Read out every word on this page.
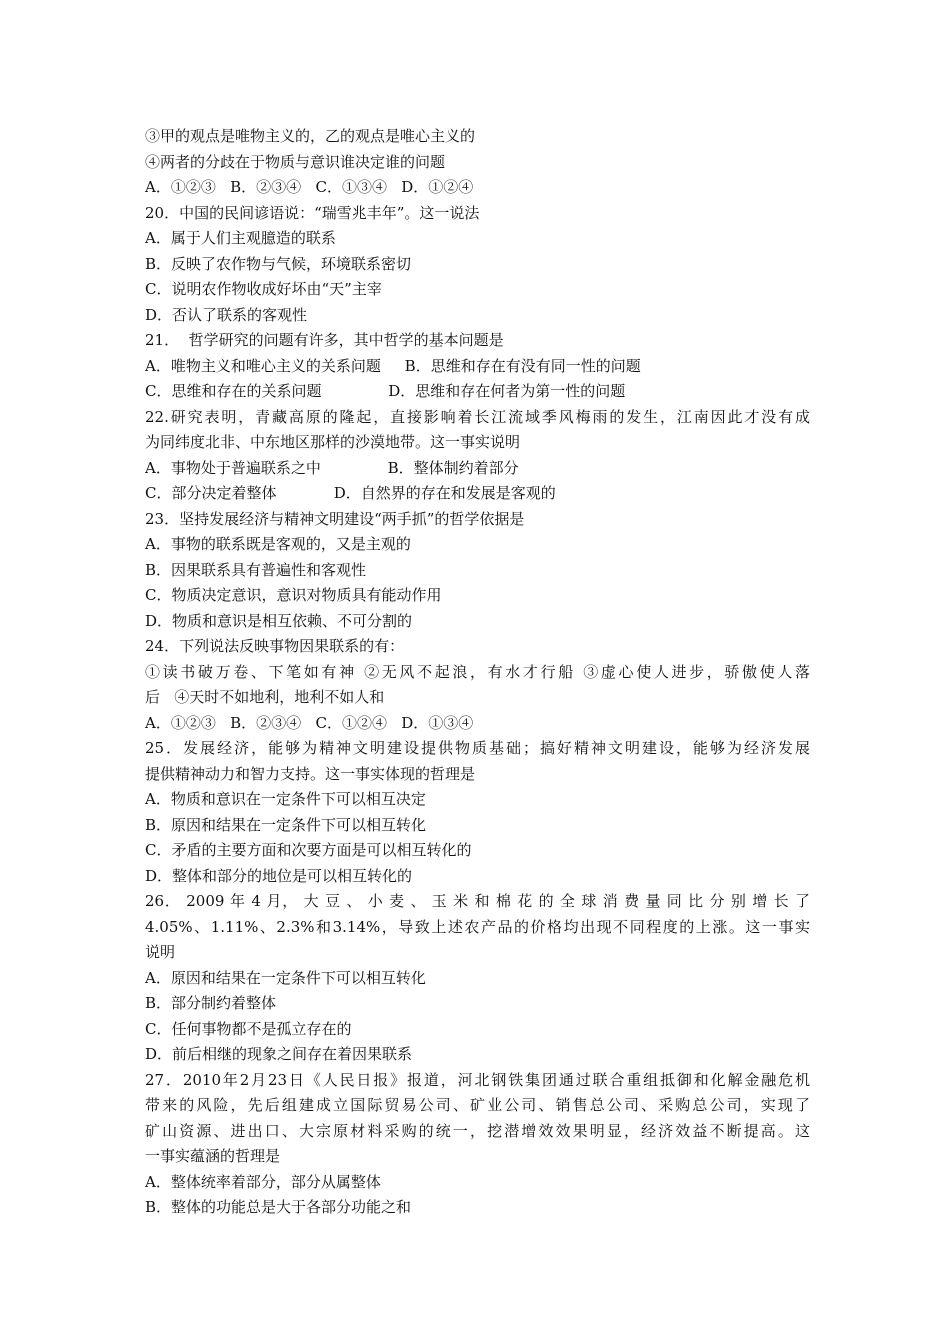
③甲的观点是唯物主义的，乙的观点是唯心主义的
④两者的分歧在于物质与意识谁决定谁的问题
A．①②③   B．②③④   C．①③④   D．①②④
20．中国的民间谚语说：“瑞雪兆丰年”。这一说法
A．属于人们主观臆造的联系
B．反映了农作物与气候，环境联系密切
C．说明农作物收成好坏由“天”主宰
D．否认了联系的客观性
21．  哲学研究的问题有许多，其中哲学的基本问题是
A．唯物主义和唯心主义的关系问题     B．思维和存在有没有同一性的问题
C．思维和存在的关系问题              D．思维和存在何者为第一性的问题
22.研究表明，青藏高原的隆起，直接影响着长江流域季风梅雨的发生，江南因此才没有成
为同纬度北非、中东地区那样的沙漠地带。这一事实说明
A．事物处于普遍联系之中              B．整体制约着部分
C．部分决定着整体            D．自然界的存在和发展是客观的
23．坚持发展经济与精神文明建设“两手抓”的哲学依据是
A．事物的联系既是客观的，又是主观的
B．因果联系具有普遍性和客观性
C．物质决定意识，意识对物质具有能动作用
D．物质和意识是相互依赖、不可分割的
24．下列说法反映事物因果联系的有：
①读书破万卷、下笔如有神 ②无风不起浪，有水才行船 ③虚心使人进步，骄傲使人落
后   ④天时不如地利，地利不如人和
A．①②③   B．②③④   C．①②④   D．①③④
25．发展经济，能够为精神文明建设提供物质基础；搞好精神文明建设，能够为经济发展
提供精神动力和智力支持。这一事实体现的哲理是
A．物质和意识在一定条件下可以相互决定
B．原因和结果在一定条件下可以相互转化
C．矛盾的主要方面和次要方面是可以相互转化的
D．整体和部分的地位是可以相互转化的
26． 2009 年 4 月， 大 豆 、 小 麦 、 玉 米 和 棉 花 的 全 球 消 费 量 同 比 分 别 增 长 了
4.05%、1.11%、2.3%和3.14%，导致上述农产品的价格均出现不同程度的上涨。这一事实
说明
A．原因和结果在一定条件下可以相互转化
B．部分制约着整体
C．任何事物都不是孤立存在的
D．前后相继的现象之间存在着因果联系
27．2010年2月23日《人民日报》报道，河北钢铁集团通过联合重组抵御和化解金融危机
带来的风险，先后组建成立国际贸易公司、矿业公司、销售总公司、采购总公司，实现了
矿山资源、进出口、大宗原材料采购的统一，挖潜增效效果明显，经济效益不断提高。这
一事实蕴涵的哲理是
A．整体统率着部分，部分从属整体
B．整体的功能总是大于各部分功能之和
